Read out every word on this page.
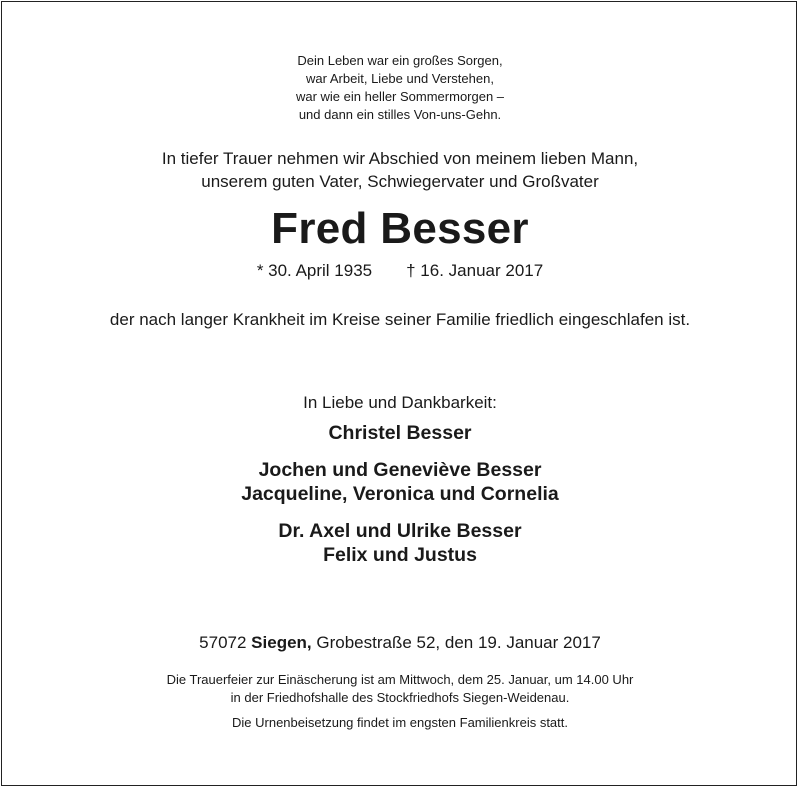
Dein Leben war ein großes Sorgen,
war Arbeit, Liebe und Verstehen,
war wie ein heller Sommermorgen –
und dann ein stilles Von-uns-Gehn.
In tiefer Trauer nehmen wir Abschied von meinem lieben Mann,
unserem guten Vater, Schwiegervater und Großvater
Fred Besser
* 30. April 1935 † 16. Januar 2017
der nach langer Krankheit im Kreise seiner Familie friedlich eingeschlafen ist.
In Liebe und Dankbarkeit:
Christel Besser
Jochen und Geneviève Besser
Jacqueline, Veronica und Cornelia
Dr. Axel und Ulrike Besser
Felix und Justus
57072 Siegen, Grobestraße 52, den 19. Januar 2017
Die Trauerfeier zur Einäscherung ist am Mittwoch, dem 25. Januar, um 14.00 Uhr
in der Friedhofshalle des Stockfriedhofs Siegen-Weidenau.
Die Urnenbeisetzung findet im engsten Familienkreis statt.
